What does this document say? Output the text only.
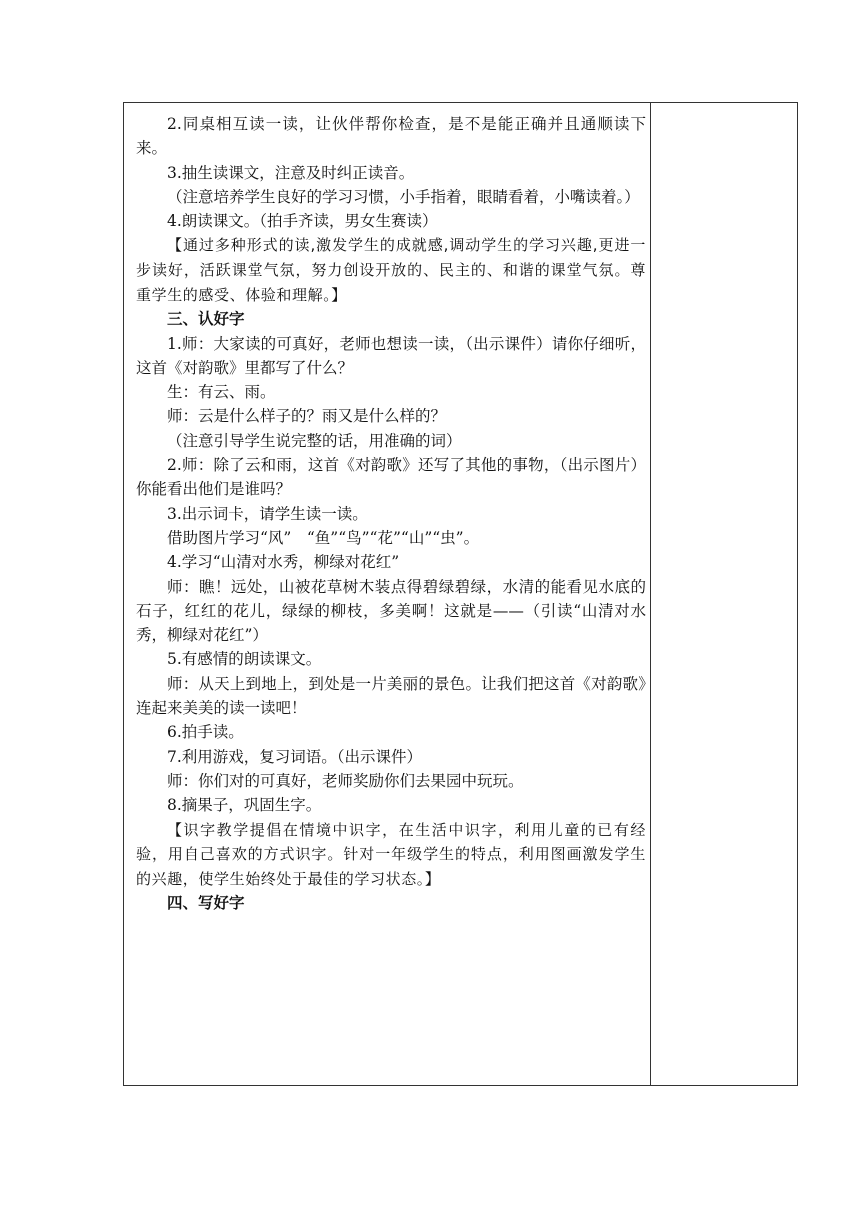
2.同桌相互读一读，让伙伴帮你检查，是不是能正确并且通顺读下来。

3.抽生读课文，注意及时纠正读音。

（注意培养学生良好的学习习惯，小手指着，眼睛看着，小嘴读着。）

4.朗读课文。（拍手齐读，男女生赛读）

【通过多种形式的读,激发学生的成就感,调动学生的学习兴趣,更进一步读好，活跃课堂气氛，努力创设开放的、民主的、和谐的课堂气氛。尊重学生的感受、体验和理解。】

三、认好字

1.师：大家读的可真好，老师也想读一读，（出示课件）请你仔细听，这首《对韵歌》里都写了什么？

生：有云、雨。

师：云是什么样子的？雨又是什么样的？

（注意引导学生说完整的话，用准确的词）

2.师：除了云和雨，这首《对韵歌》还写了其他的事物，（出示图片）你能看出他们是谁吗？

3.出示词卡，请学生读一读。

借助图片学习“风”　“鱼”“鸟”“花”“山”“虫”。

4.学习“山清对水秀，柳绿对花红”

师：瞧！远处，山被花草树木装点得碧绿碧绿，水清的能看见水底的石子，红红的花儿，绿绿的柳枝，多美啊！这就是——（引读“山清对水秀，柳绿对花红”）

5.有感情的朗读课文。

师：从天上到地上，到处是一片美丽的景色。让我们把这首《对韵歌》连起来美美的读一读吧！

6.拍手读。

7.利用游戏，复习词语。（出示课件）

师：你们对的可真好，老师奖励你们去果园中玩玩。

8.摘果子，巩固生字。

【识字教学提倡在情境中识字，在生活中识字，利用儿童的已有经验，用自己喜欢的方式识字。针对一年级学生的特点，利用图画激发学生的兴趣，使学生始终处于最佳的学习状态。】

四、写好字
